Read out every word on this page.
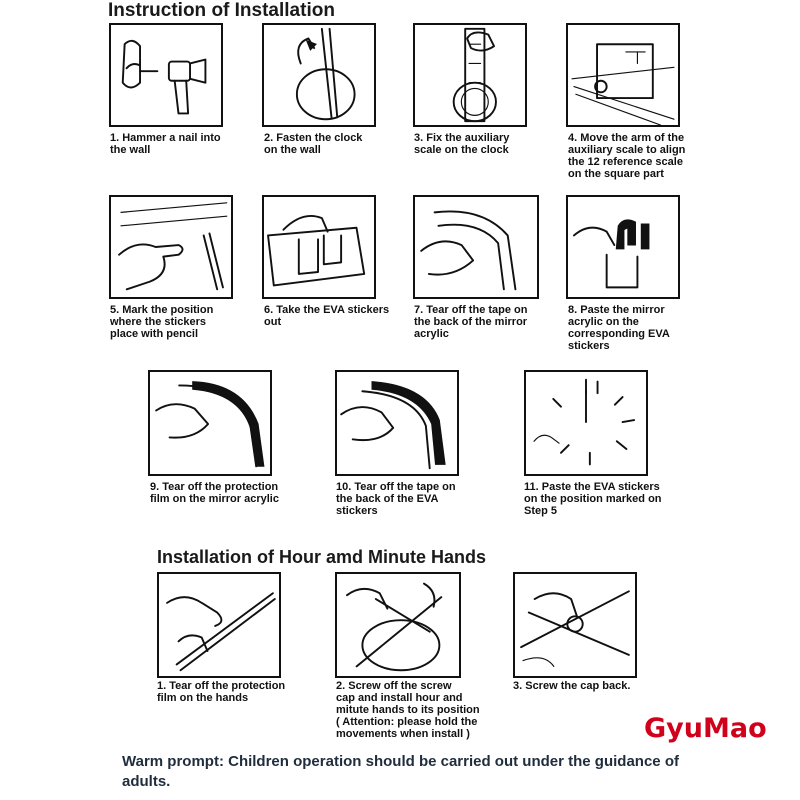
Instruction of Installation
1. Hammer a nail into
the wall
2. Fasten the clock
on the wall
3. Fix the auxiliary
scale on the clock
4. Move the arm of the
auxiliary scale to align
the 12 reference scale
on the square part
5. Mark the position
where the stickers
place with pencil
6. Take the EVA stickers
out
7. Tear off the tape on
the back of the mirror
acrylic
8. Paste the mirror
acrylic on the
corresponding EVA
stickers
9. Tear off the protection
film on the mirror acrylic
10. Tear off the tape on
the back of the EVA
stickers
11. Paste the EVA stickers
on the position marked on
Step 5
Installation of Hour amd Minute Hands
1. Tear off the protection
film on the hands
2. Screw off the screw
cap and install hour and
mitute hands to its position
( Attention: please hold the
movements when install )
3. Screw the cap back.
GyuMao
Warm prompt: Children operation should be carried out under the guidance of adults.
